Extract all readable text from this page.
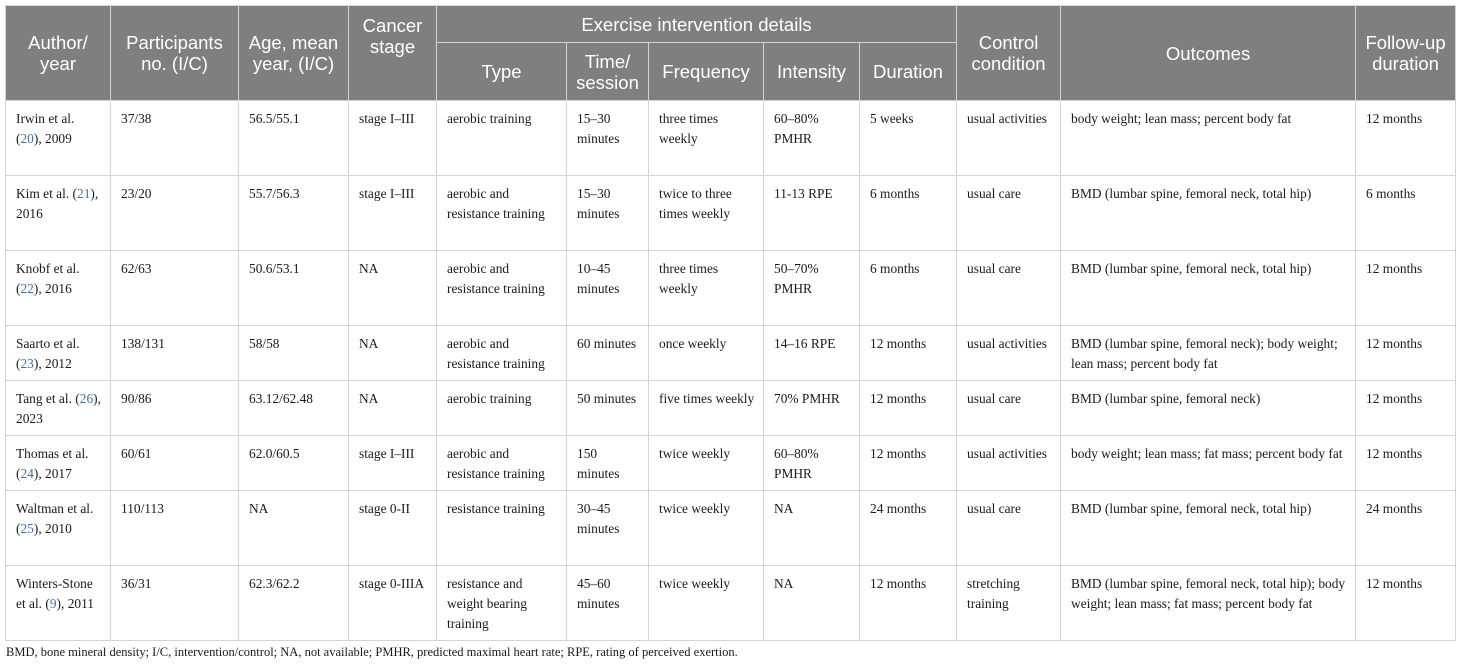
Author/ year	Participants no. (I/C)	Age, mean year, (I/C)	Cancer stage	Exercise intervention details					Control condition	Outcomes	Follow-up duration
				Type	Time/ session	Frequency	Intensity	Duration			
Irwin et al. (20), 2009	37/38	56.5/55.1	stage I–III	aerobic training	15–30 minutes	three times weekly	60–80% PMHR	5 weeks	usual activities	body weight; lean mass; percent body fat	12 months
Kim et al. (21), 2016	23/20	55.7/56.3	stage I–III	aerobic and resistance training	15–30 minutes	twice to three times weekly	11-13 RPE	6 months	usual care	BMD (lumbar spine, femoral neck, total hip)	6 months
Knobf et al. (22), 2016	62/63	50.6/53.1	NA	aerobic and resistance training	10–45 minutes	three times weekly	50–70% PMHR	6 months	usual care	BMD (lumbar spine, femoral neck, total hip)	12 months
Saarto et al. (23), 2012	138/131	58/58	NA	aerobic and resistance training	60 minutes	once weekly	14–16 RPE	12 months	usual activities	BMD (lumbar spine, femoral neck); body weight; lean mass; percent body fat	12 months
Tang et al. (26), 2023	90/86	63.12/62.48	NA	aerobic training	50 minutes	five times weekly	70% PMHR	12 months	usual care	BMD (lumbar spine, femoral neck)	12 months
Thomas et al. (24), 2017	60/61	62.0/60.5	stage I–III	aerobic and resistance training	150 minutes	twice weekly	60–80% PMHR	12 months	usual activities	body weight; lean mass; fat mass; percent body fat	12 months
Waltman et al. (25), 2010	110/113	NA	stage 0-II	resistance training	30–45 minutes	twice weekly	NA	24 months	usual care	BMD (lumbar spine, femoral neck, total hip)	24 months
Winters-Stone et al. (9), 2011	36/31	62.3/62.2	stage 0-IIIA	resistance and weight bearing training	45–60 minutes	twice weekly	NA	12 months	stretching training	BMD (lumbar spine, femoral neck, total hip); body weight; lean mass; fat mass; percent body fat	12 months
BMD, bone mineral density; I/C, intervention/control; NA, not available; PMHR, predicted maximal heart rate; RPE, rating of perceived exertion.
